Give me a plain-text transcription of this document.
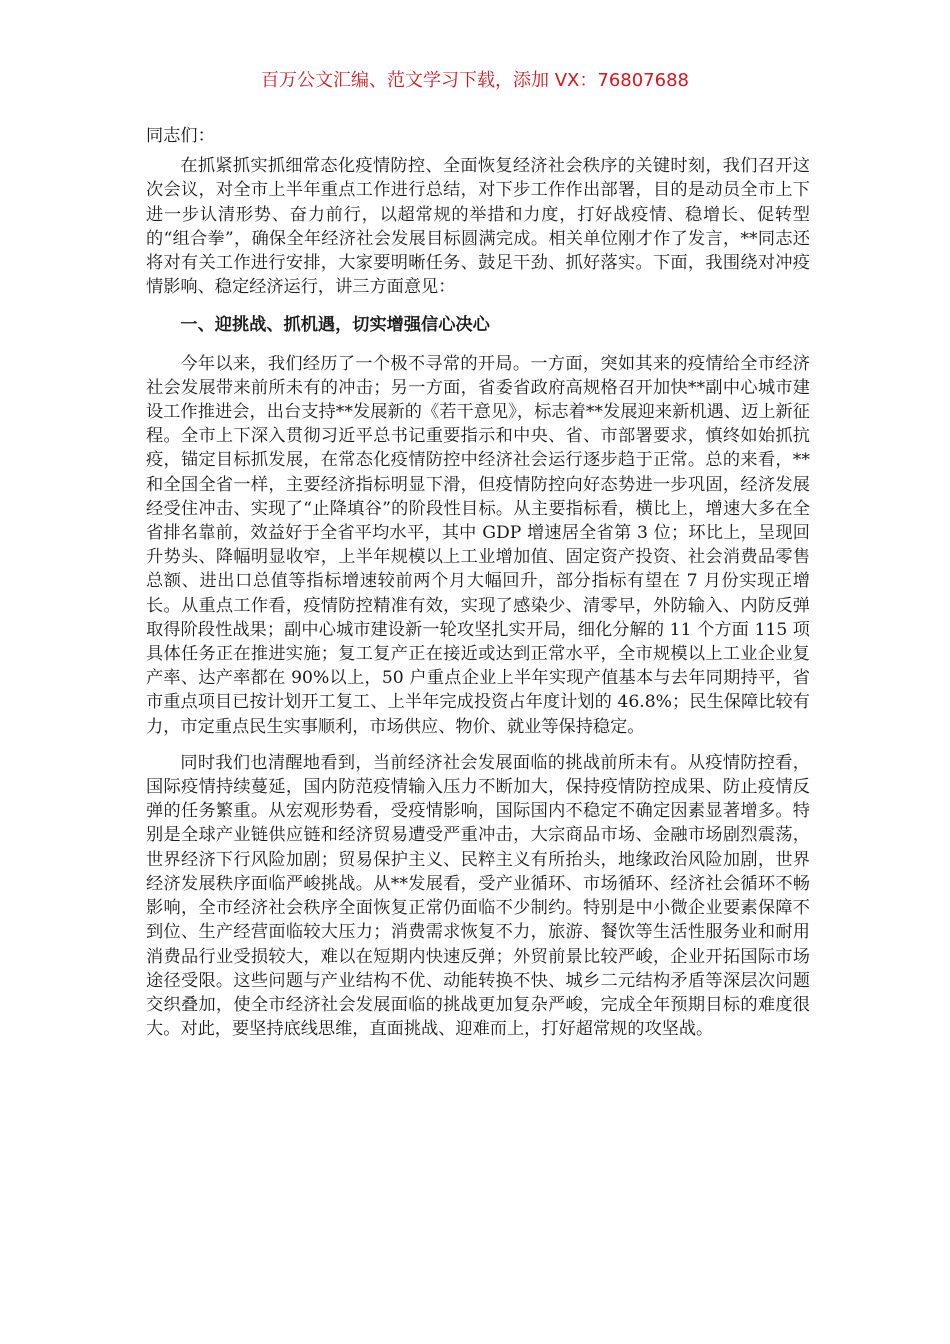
百万公文汇编、范文学习下载，添加 VX：76807688

同志们：

在抓紧抓实抓细常态化疫情防控、全面恢复经济社会秩序的关键时刻，我们召开这次会议，对全市上半年重点工作进行总结，对下步工作作出部署，目的是动员全市上下进一步认清形势、奋力前行，以超常规的举措和力度，打好战疫情、稳增长、促转型的“组合拳”，确保全年经济社会发展目标圆满完成。相关单位刚才作了发言，**同志还将对有关工作进行安排，大家要明晰任务、鼓足干劲、抓好落实。下面，我围绕对冲疫情影响、稳定经济运行，讲三方面意见：

一、迎挑战、抓机遇，切实增强信心决心

今年以来，我们经历了一个极不寻常的开局。一方面，突如其来的疫情给全市经济社会发展带来前所未有的冲击；另一方面，省委省政府高规格召开加快**副中心城市建设工作推进会，出台支持**发展新的《若干意见》，标志着**发展迎来新机遇、迈上新征程。全市上下深入贯彻习近平总书记重要指示和中央、省、市部署要求，慎终如始抓抗疫，锚定目标抓发展，在常态化疫情防控中经济社会运行逐步趋于正常。总的来看，**和全国全省一样，主要经济指标明显下滑，但疫情防控向好态势进一步巩固，经济发展经受住冲击、实现了“止降填谷”的阶段性目标。从主要指标看，横比上，增速大多在全省排名靠前，效益好于全省平均水平，其中 GDP 增速居全省第 3 位；环比上，呈现回升势头、降幅明显收窄，上半年规模以上工业增加值、固定资产投资、社会消费品零售总额、进出口总值等指标增速较前两个月大幅回升，部分指标有望在 7 月份实现正增长。从重点工作看，疫情防控精准有效，实现了感染少、清零早，外防输入、内防反弹取得阶段性战果；副中心城市建设新一轮攻坚扎实开局，细化分解的 11 个方面 115 项具体任务正在推进实施；复工复产正在接近或达到正常水平，全市规模以上工业企业复产率、达产率都在 90%以上，50 户重点企业上半年实现产值基本与去年同期持平，省市重点项目已按计划开工复工、上半年完成投资占年度计划的 46.8%；民生保障比较有力，市定重点民生实事顺利，市场供应、物价、就业等保持稳定。

同时我们也清醒地看到，当前经济社会发展面临的挑战前所未有。从疫情防控看，国际疫情持续蔓延，国内防范疫情输入压力不断加大，保持疫情防控成果、防止疫情反弹的任务繁重。从宏观形势看，受疫情影响，国际国内不稳定不确定因素显著增多。特别是全球产业链供应链和经济贸易遭受严重冲击，大宗商品市场、金融市场剧烈震荡，世界经济下行风险加剧；贸易保护主义、民粹主义有所抬头，地缘政治风险加剧，世界经济发展秩序面临严峻挑战。从**发展看，受产业循环、市场循环、经济社会循环不畅影响，全市经济社会秩序全面恢复正常仍面临不少制约。特别是中小微企业要素保障不到位、生产经营面临较大压力；消费需求恢复不力，旅游、餐饮等生活性服务业和耐用消费品行业受损较大，难以在短期内快速反弹；外贸前景比较严峻，企业开拓国际市场途径受限。这些问题与产业结构不优、动能转换不快、城乡二元结构矛盾等深层次问题交织叠加，使全市经济社会发展面临的挑战更加复杂严峻，完成全年预期目标的难度很大。对此，要坚持底线思维，直面挑战、迎难而上，打好超常规的攻坚战。
